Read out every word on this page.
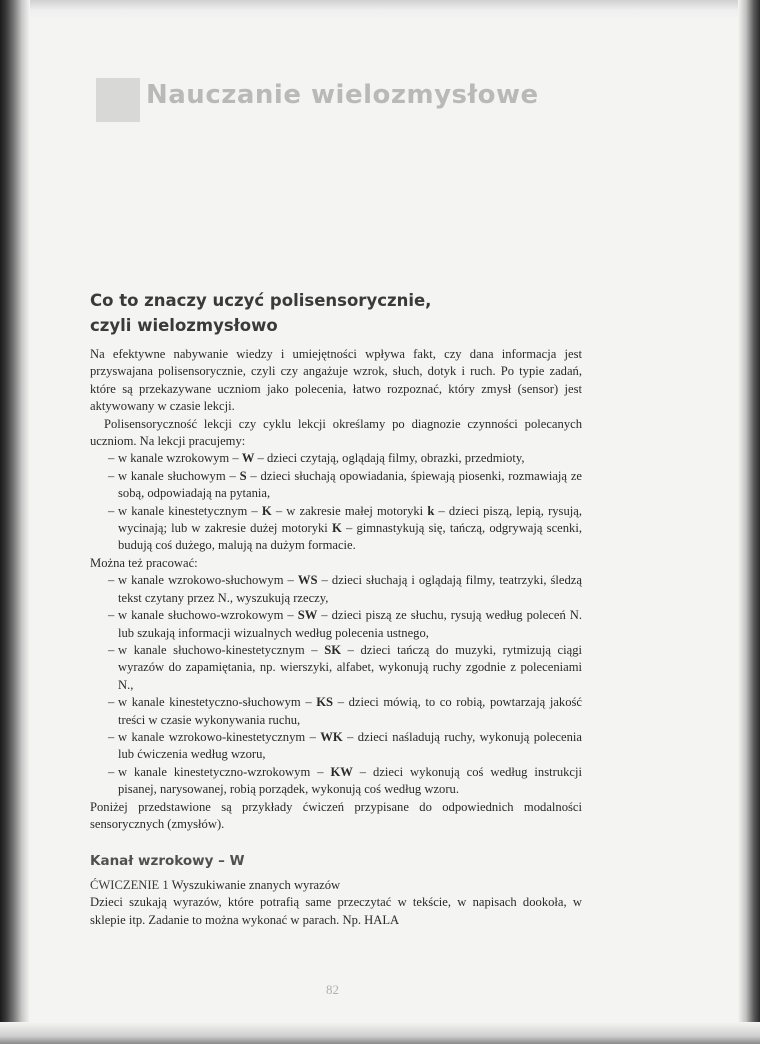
Nauczanie wielozmysłowe
Co to znaczy uczyć polisensorycznie,
czyli wielozmysłowo

Na efektywne nabywanie wiedzy i umiejętności wpływa fakt, czy dana informacja jest przyswajana polisensorycznie, czyli czy angażuje wzrok, słuch, dotyk i ruch. Po typie zadań, które są przekazywane uczniom jako polecenia, łatwo rozpoznać, który zmysł (sensor) jest aktywowany w czasie lekcji.

Polisensoryczność lekcji czy cyklu lekcji określamy po diagnozie czynności polecanych uczniom. Na lekcji pracujemy:

– w kanale wzrokowym – W – dzieci czytają, oglądają filmy, obrazki, przedmioty,
– w kanale słuchowym – S – dzieci słuchają opowiadania, śpiewają piosenki, rozmawiają ze sobą, odpowiadają na pytania,
– w kanale kinestetycznym – K – w zakresie małej motoryki k – dzieci piszą, lepią, rysują, wycinają; lub w zakresie dużej motoryki K – gimnastykują się, tańczą, odgrywają scenki, budują coś dużego, malują na dużym formacie.

Można też pracować:

– w kanale wzrokowo-słuchowym – WS – dzieci słuchają i oglądają filmy, teatrzyki, śledzą tekst czytany przez N., wyszukują rzeczy,
– w kanale słuchowo-wzrokowym – SW – dzieci piszą ze słuchu, rysują według poleceń N. lub szukają informacji wizualnych według polecenia ustnego,
– w kanale słuchowo-kinestetycznym – SK – dzieci tańczą do muzyki, rytmizują ciągi wyrazów do zapamiętania, np. wierszyki, alfabet, wykonują ruchy zgodnie z poleceniami N.,
– w kanale kinestetyczno-słuchowym – KS – dzieci mówią, to co robią, powtarzają jakość treści w czasie wykonywania ruchu,
– w kanale wzrokowo-kinestetycznym – WK – dzieci naśladują ruchy, wykonują polecenia lub ćwiczenia według wzoru,
– w kanale kinestetyczno-wzrokowym – KW – dzieci wykonują coś według instrukcji pisanej, narysowanej, robią porządek, wykonują coś według wzoru.

Poniżej przedstawione są przykłady ćwiczeń przypisane do odpowiednich modalności sensorycznych (zmysłów).

Kanał wzrokowy – W

ĆWICZENIE 1 Wyszukiwanie znanych wyrazów

Dzieci szukają wyrazów, które potrafią same przeczytać w tekście, w napisach dookoła, w sklepie itp. Zadanie to można wykonać w parach. Np. HALA

82
